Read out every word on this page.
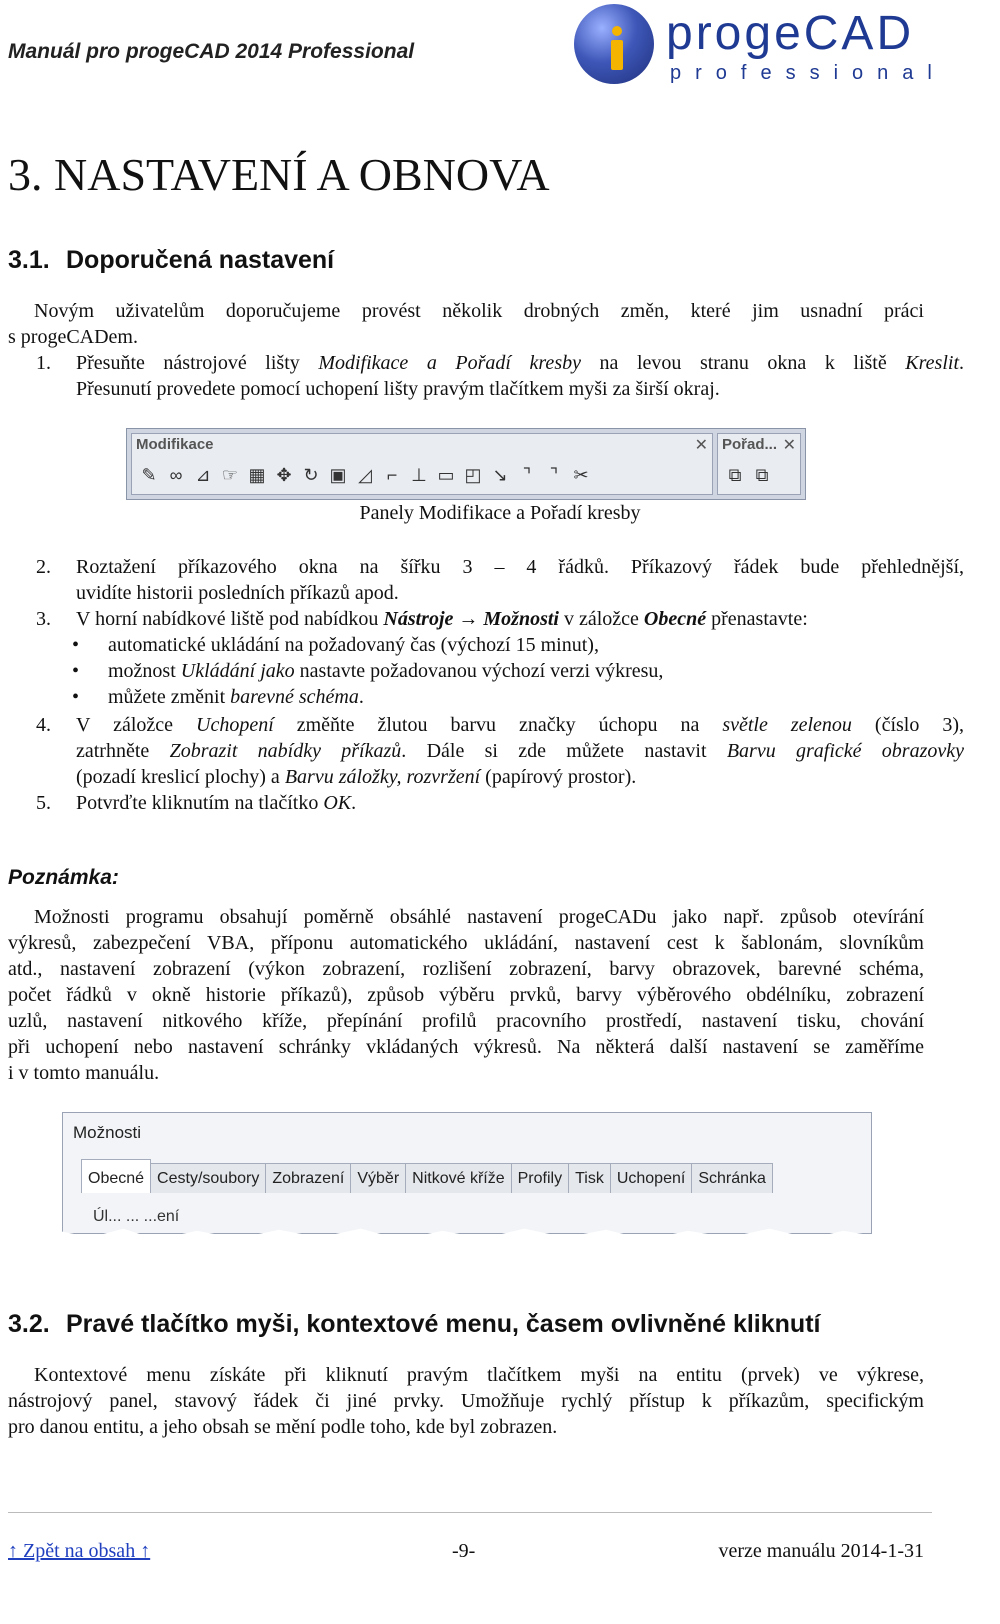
Manuál pro progeCAD 2014 Professional	progeCAD
professional
3. NASTAVENÍ A OBNOVA
3.1. Doporučená nastavení

Novým uživatelům doporučujeme provést několik drobných změn, které jim usnadní práci

s progeCADem.

1. Přesuňte nástrojové lišty Modifikace a Pořadí kresby na levou stranu okna k liště Kreslit.
Přesunutí provedete pomocí uchopení lišty pravým tlačítkem myši za širší okraj.
Modifikace	✕
✎ ∞ ⊿ ☞ ▦ ✥ ↻ ▣ ◿ ⌐ ⊥ ▭ ◰ ↘ ⌝	⌝ ✂
Pořad... ✕
⧉ ⧉
Panely Modifikace a Pořadí kresby
2. Roztažení příkazového okna na šířku 3 – 4 řádků. Příkazový řádek bude přehlednější,
uvidíte historii posledních příkazů apod.
3. V horní nabídkové liště pod nabídkou Nástroje → Možnosti v záložce Obecné přenastavte:
• automatické ukládání na požadovaný čas (výchozí 15 minut),
• možnost Ukládání jako nastavte požadovanou výchozí verzi výkresu,
• můžete změnit barevné schéma.
4. V záložce Uchopení změňte žlutou barvu značky úchopu na světle zelenou (číslo 3),
zatrhněte Zobrazit nabídky příkazů. Dále si zde můžete nastavit Barvu grafické obrazovky
(pozadí kreslicí plochy) a Barvu záložky, rozvržení (papírový prostor).
5. Potvrďte kliknutím na tlačítko OK.
Poznámka:

Možnosti programu obsahují poměrně obsáhlé nastavení progeCADu jako např. způsob otevírání

výkresů, zabezpečení VBA, příponu automatického ukládání, nastavení cest k šablonám, slovníkům

atd., nastavení zobrazení (výkon zobrazení, rozlišení zobrazení, barvy obrazovek, barevné schéma,

počet řádků v okně historie příkazů), způsob výběru prvků, barvy výběrového obdélníku, zobrazení

uzlů, nastavení nitkového kříže, přepínání profilů pracovního prostředí, nastavení tisku, chování

při uchopení nebo nastavení schránky vkládaných výkresů. Na některá další nastavení se zaměříme

i v tomto manuálu.

Možnosti
Obecné Cesty/soubory Zobrazení Výběr Nitkové kříže Profily Tisk Uchopení Schránka
Úl... ... ...ení
3.2. Pravé tlačítko myši, kontextové menu, časem ovlivněné kliknutí

Kontextové menu získáte při kliknutí pravým tlačítkem myši na entitu (prvek) ve výkrese,

nástrojový panel, stavový řádek či jiné prvky. Umožňuje rychlý přístup k příkazům, specifickým

pro danou entitu, a jeho obsah se mění podle toho, kde byl zobrazen.

↑ Zpět na obsah ↑	-9-	verze manuálu 2014-1-31
